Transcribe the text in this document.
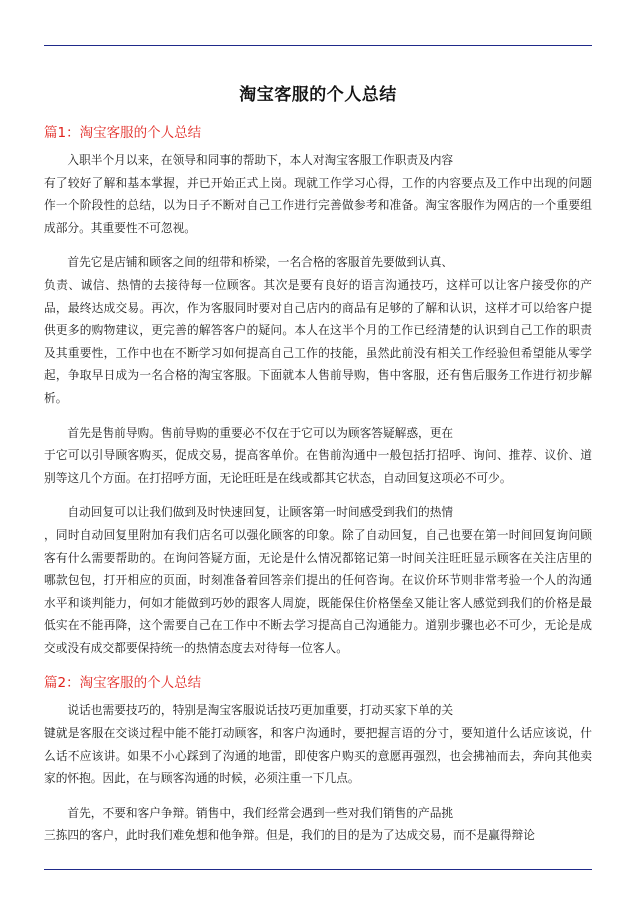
淘宝客服的个人总结
篇1：淘宝客服的个人总结

入职半个月以来，在领导和同事的帮助下，本人对淘宝客服工作职责及内容
有了较好了解和基本掌握，并已开始正式上岗。现就工作学习心得，工作的内容要点及工作中出现的问题作一个阶段性的总结，以为日子不断对自己工作进行完善做参考和准备。淘宝客服作为网店的一个重要组成部分。其重要性不可忽视。

首先它是店铺和顾客之间的纽带和桥梁，一名合格的客服首先要做到认真、
负责、诚信、热情的去接待每一位顾客。其次是要有良好的语言沟通技巧，这样可以让客户接受你的产品，最终达成交易。再次，作为客服同时要对自己店内的商品有足够的了解和认识，这样才可以给客户提供更多的购物建议，更完善的解答客户的疑问。本人在这半个月的工作已经清楚的认识到自己工作的职责及其重要性，工作中也在不断学习如何提高自己工作的技能，虽然此前没有相关工作经验但希望能从零学起，争取早日成为一名合格的淘宝客服。下面就本人售前导购，售中客服，还有售后服务工作进行初步解析。

首先是售前导购。售前导购的重要必不仅在于它可以为顾客答疑解惑，更在
于它可以引导顾客购买，促成交易，提高客单价。在售前沟通中一般包括打招呼、询问、推荐、议价、道别等这几个方面。在打招呼方面，无论旺旺是在线或都其它状态，自动回复这项必不可少。

自动回复可以让我们做到及时快速回复，让顾客第一时间感受到我们的热情
，同时自动回复里附加有我们店名可以强化顾客的印象。除了自动回复，自己也要在第一时间回复询问顾客有什么需要帮助的。在询问答疑方面，无论是什么情况都铭记第一时间关注旺旺显示顾客在关注店里的哪款包包，打开相应的页面，时刻准备着回答亲们提出的任何咨询。在议价环节则非常考验一个人的沟通水平和谈判能力，何如才能做到巧妙的跟客人周旋，既能保住价格堡垒又能让客人感觉到我们的价格是最低实在不能再降，这个需要自己在工作中不断去学习提高自己沟通能力。道别步骤也必不可少，无论是成交或没有成交都要保持统一的热情态度去对待每一位客人。

篇2：淘宝客服的个人总结

说话也需要技巧的，特别是淘宝客服说话技巧更加重要，打动买家下单的关
键就是客服在交谈过程中能不能打动顾客，和客户沟通时，要把握言语的分寸，要知道什么话应该说，什么话不应该讲。如果不小心踩到了沟通的地雷，即使客户购买的意愿再强烈，也会拂袖而去，奔向其他卖家的怀抱。因此，在与顾客沟通的时候，必须注重一下几点。

首先，不要和客户争辩。销售中，我们经常会遇到一些对我们销售的产品挑
三拣四的客户，此时我们难免想和他争辩。但是，我们的目的是为了达成交易，而不是赢得辩论
